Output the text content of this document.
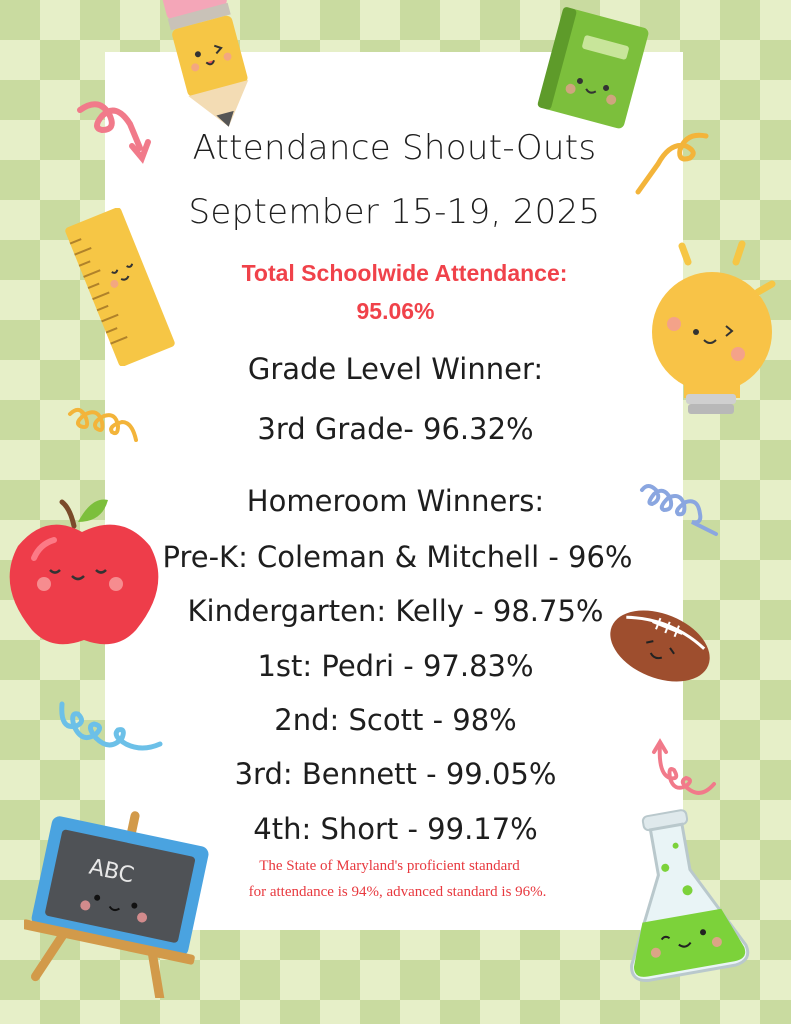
ABC
Attendance Shout-Outs
September 15-19, 2025
Total Schoolwide Attendance:
95.06%
Grade Level Winner:
3rd Grade- 96.32%
Homeroom Winners:
Pre-K: Coleman & Mitchell - 96%
Kindergarten: Kelly - 98.75%
1st: Pedri - 97.83%
2nd: Scott - 98%
3rd: Bennett - 99.05%
4th: Short - 99.17%
The State of Maryland's proficient standard
for attendance is 94%, advanced standard is 96%.
